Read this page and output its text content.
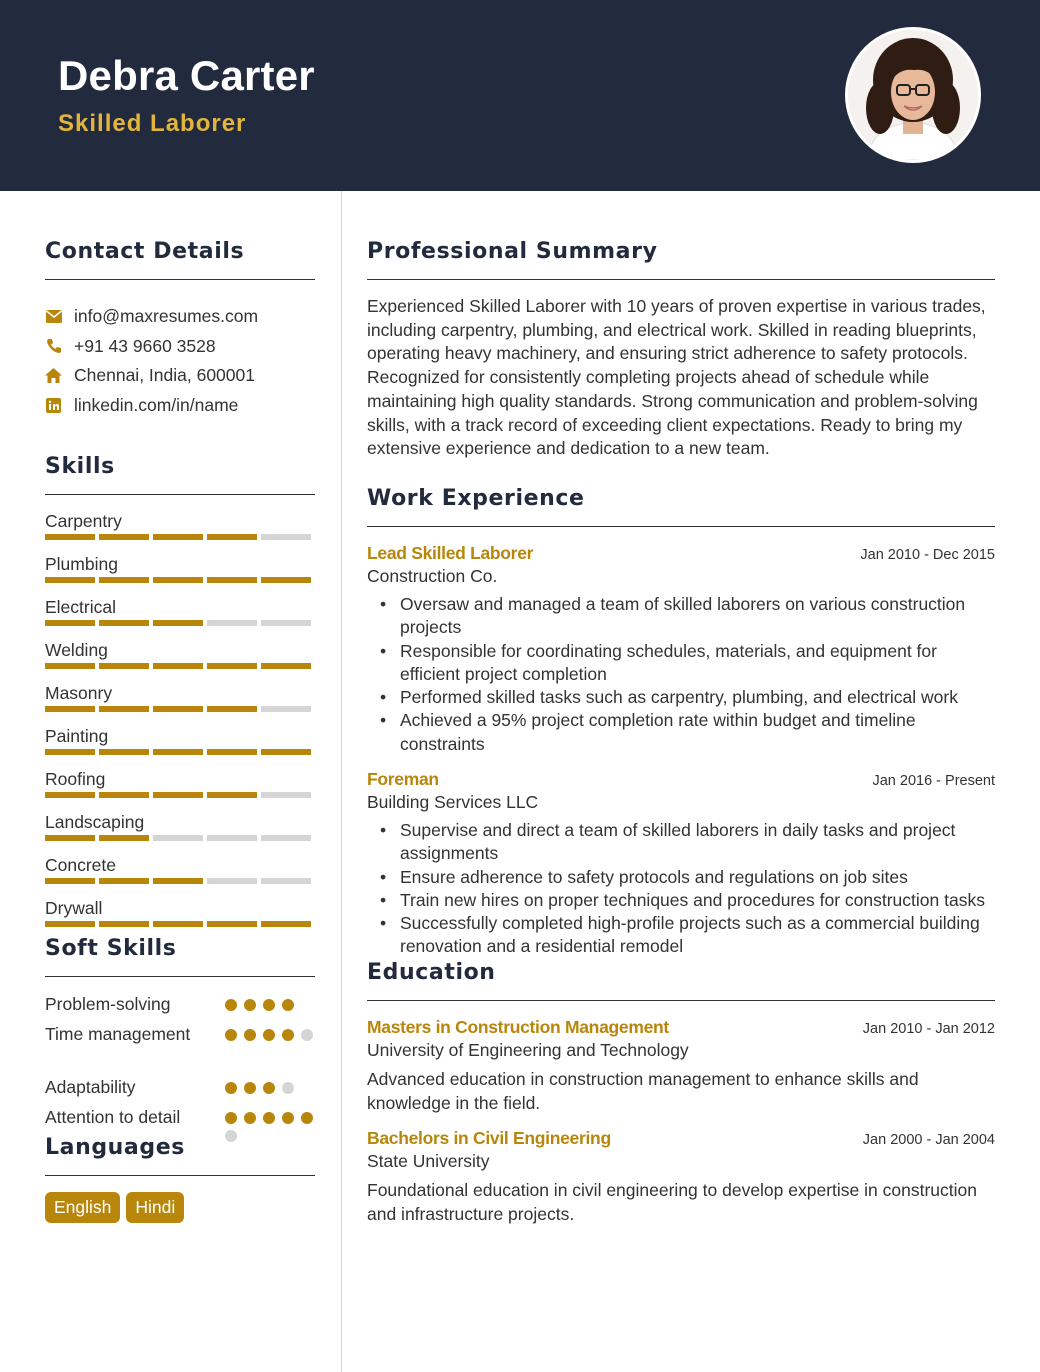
Debra Carter
Skilled Laborer
Contact Details
info@maxresumes.com
+91 43 9660 3528
Chennai, India, 600001
linkedin.com/in/name
Skills
Carpentry
Plumbing
Electrical
Welding
Masonry
Painting
Roofing
Landscaping
Concrete
Drywall
Soft Skills
Problem-solving
Time management
Adaptability
Attention to detail
Languages
English	Hindi
Professional Summary

Experienced Skilled Laborer with 10 years of proven expertise in various trades, including carpentry, plumbing, and electrical work. Skilled in reading blueprints, operating heavy machinery, and ensuring strict adherence to safety protocols. Recognized for consistently completing projects ahead of schedule while maintaining high quality standards. Strong communication and problem-solving skills, with a track record of exceeding client expectations. Ready to bring my extensive experience and dedication to a new team.

Work Experience
Lead Skilled Laborer	Jan 2010 - Dec 2015
Construction Co.
• Oversaw and managed a team of skilled laborers on various construction projects
• Responsible for coordinating schedules, materials, and equipment for efficient project completion
• Performed skilled tasks such as carpentry, plumbing, and electrical work
• Achieved a 95% project completion rate within budget and timeline constraints
Foreman	Jan 2016 - Present
Building Services LLC
• Supervise and direct a team of skilled laborers in daily tasks and project assignments
• Ensure adherence to safety protocols and regulations on job sites
• Train new hires on proper techniques and procedures for construction tasks
• Successfully completed high-profile projects such as a commercial building renovation and a residential remodel
Education
Masters in Construction Management	Jan 2010 - Jan 2012
University of Engineering and Technology

Advanced education in construction management to enhance skills and knowledge in the field.

Bachelors in Civil Engineering	Jan 2000 - Jan 2004
State University

Foundational education in civil engineering to develop expertise in construction and infrastructure projects.
